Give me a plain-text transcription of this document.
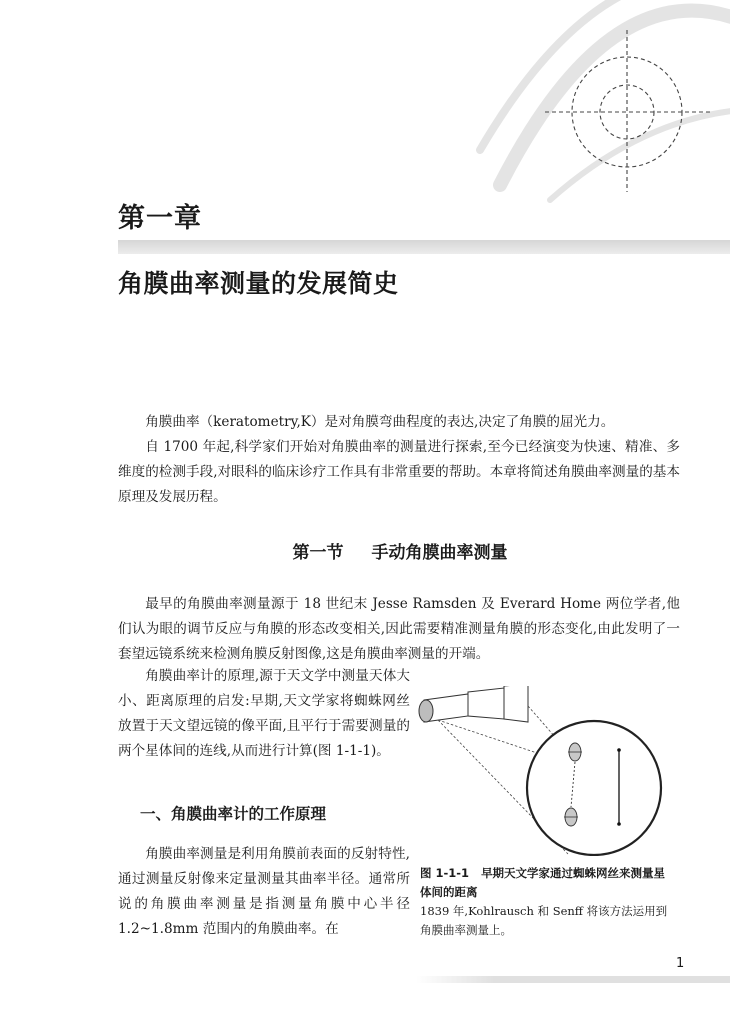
第一章
角膜曲率测量的发展简史

角膜曲率（keratometry,K）是对角膜弯曲程度的表达,决定了角膜的屈光力。

自 1700 年起,科学家们开始对角膜曲率的测量进行探索,至今已经演变为快速、精准、多维度的检测手段,对眼科的临床诊疗工作具有非常重要的帮助。本章将简述角膜曲率测量的基本原理及发展历程。

第一节 手动角膜曲率测量

最早的角膜曲率测量源于 18 世纪末 Jesse Ramsden 及 Everard Home 两位学者,他们认为眼的调节反应与角膜的形态改变相关,因此需要精准测量角膜的形态变化,由此发明了一套望远镜系统来检测角膜反射图像,这是角膜曲率测量的开端。

角膜曲率计的原理,源于天文学中测量天体大小、距离原理的启发:早期,天文学家将蜘蛛网丝放置于天文望远镜的像平面,且平行于需要测量的两个星体间的连线,从而进行计算(图 1-1-1)。

一、角膜曲率计的工作原理

角膜曲率测量是利用角膜前表面的反射特性,通过测量反射像来定量测量其曲率半径。通常所说的角膜曲率测量是指测量角膜中心半径 1.2~1.8mm 范围内的角膜曲率。在

图 1-1-1 早期天文学家通过蜘蛛网丝来测量星体间的距离

1839 年,Kohlrausch 和 Senff 将该方法运用到角膜曲率测量上。

1
